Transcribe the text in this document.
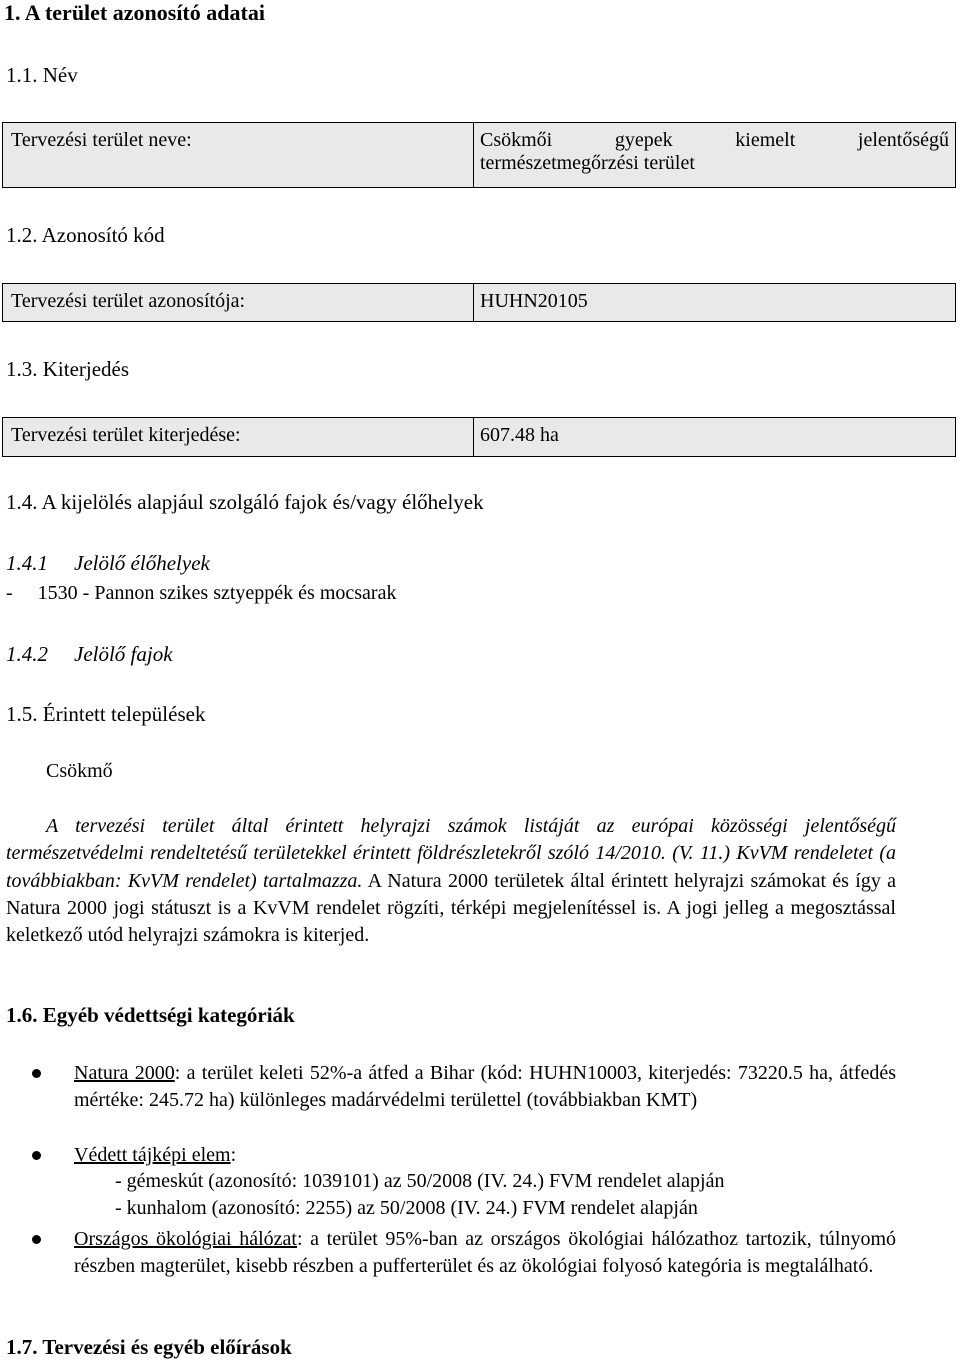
1. A terület azonosító adatai
1.1. Név
Tervezési terület neve:	Csökmői gyepek kiemelt jelentőségű
természetmegőrzési terület
1.2. Azonosító kód
Tervezési terület azonosítója:	HUHN20105
1.3. Kiterjedés
Tervezési terület kiterjedése:	607.48 ha
1.4. A kijelölés alapjául szolgáló fajok és/vagy élőhelyek
1.4.1 Jelölő élőhelyek
-     1530 - Pannon szikes sztyeppék és mocsarak
1.4.2 Jelölő fajok
1.5. Érintett települések
Csökmő
A tervezési terület által érintett helyrajzi számok listáját az európai közösségi jelentőségű természetvédelmi rendeltetésű területekkel érintett földrészletekről szóló 14/2010. (V. 11.) KvVM rendeletet (a továbbiakban: KvVM rendelet) tartalmazza. A Natura 2000 területek által érintett helyrajzi számokat és így a Natura 2000 jogi státuszt is a KvVM rendelet rögzíti, térképi megjelenítéssel is. A jogi jelleg a megosztással keletkező utód helyrajzi számokra is kiterjed.
1.6. Egyéb védettségi kategóriák
Natura 2000: a terület keleti 52%-a átfed a Bihar (kód: HUHN10003, kiterjedés: 73220.5 ha, átfedés mértéke: 245.72 ha) különleges madárvédelmi területtel (továbbiakban KMT)
Védett tájképi elem:
- gémeskút (azonosító: 1039101) az 50/2008 (IV. 24.) FVM rendelet alapján
- kunhalom (azonosító: 2255) az 50/2008 (IV. 24.) FVM rendelet alapján
Országos ökológiai hálózat: a terület 95%-ban az országos ökológiai hálózathoz tartozik, túlnyomó részben magterület, kisebb részben a pufferterület és az ökológiai folyosó kategória is megtalálható.
1.7. Tervezési és egyéb előírások
